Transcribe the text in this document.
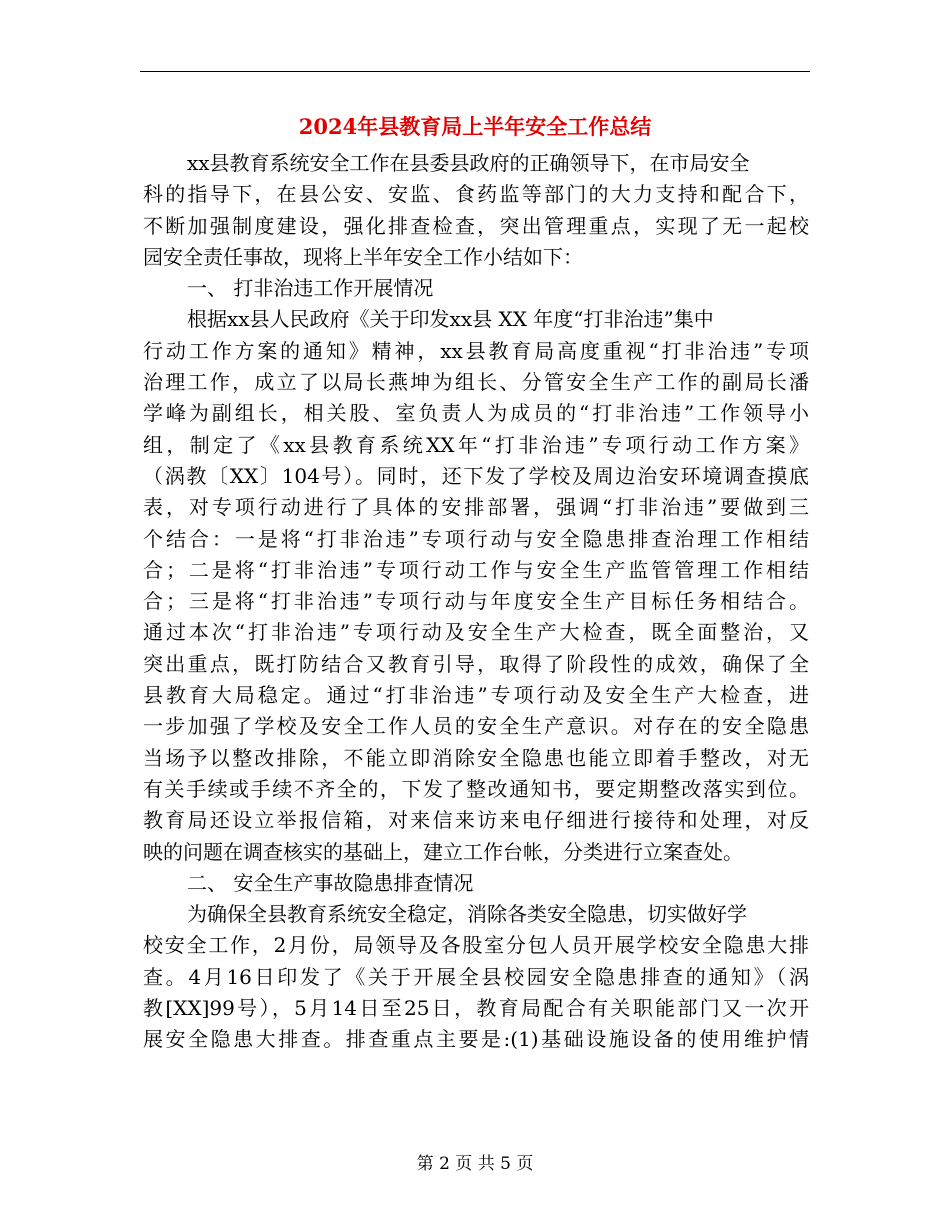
2024年县教育局上半年安全工作总结
xx县教育系统安全工作在县委县政府的正确领导下，在市局安全
科的指导下，在县公安、安监、食药监等部门的大力支持和配合下，
不断加强制度建设，强化排查检查，突出管理重点，实现了无一起校
园安全责任事故，现将上半年安全工作小结如下：
一、 打非治违工作开展情况
根据xx县人民政府《关于印发xx县 XX 年度“打非治违”集中
行动工作方案的通知》精神，xx县教育局高度重视“打非治违”专项
治理工作，成立了以局长燕坤为组长、分管安全生产工作的副局长潘
学峰为副组长，相关股、室负责人为成员的“打非治违”工作领导小
组，制定了《xx县教育系统XX年“打非治违”专项行动工作方案》
（涡教〔XX〕104号）。同时，还下发了学校及周边治安环境调查摸底
表，对专项行动进行了具体的安排部署，强调“打非治违”要做到三
个结合：一是将“打非治违”专项行动与安全隐患排查治理工作相结
合；二是将“打非治违”专项行动工作与安全生产监管管理工作相结
合；三是将“打非治违”专项行动与年度安全生产目标任务相结合。
通过本次“打非治违”专项行动及安全生产大检查，既全面整治，又
突出重点，既打防结合又教育引导，取得了阶段性的成效，确保了全
县教育大局稳定。通过“打非治违”专项行动及安全生产大检查，进
一步加强了学校及安全工作人员的安全生产意识。对存在的安全隐患
当场予以整改排除，不能立即消除安全隐患也能立即着手整改，对无
有关手续或手续不齐全的，下发了整改通知书，要定期整改落实到位。
教育局还设立举报信箱，对来信来访来电仔细进行接待和处理，对反
映的问题在调查核实的基础上，建立工作台帐，分类进行立案查处。
二、 安全生产事故隐患排查情况
为确保全县教育系统安全稳定，消除各类安全隐患，切实做好学
校安全工作，2月份，局领导及各股室分包人员开展学校安全隐患大排
查。4月16日印发了《关于开展全县校园安全隐患排查的通知》（涡
教[XX]99号），5月14日至25日，教育局配合有关职能部门又一次开
展安全隐患大排查。排查重点主要是:(1)基础设施设备的使用维护情
第 2 页 共 5 页
